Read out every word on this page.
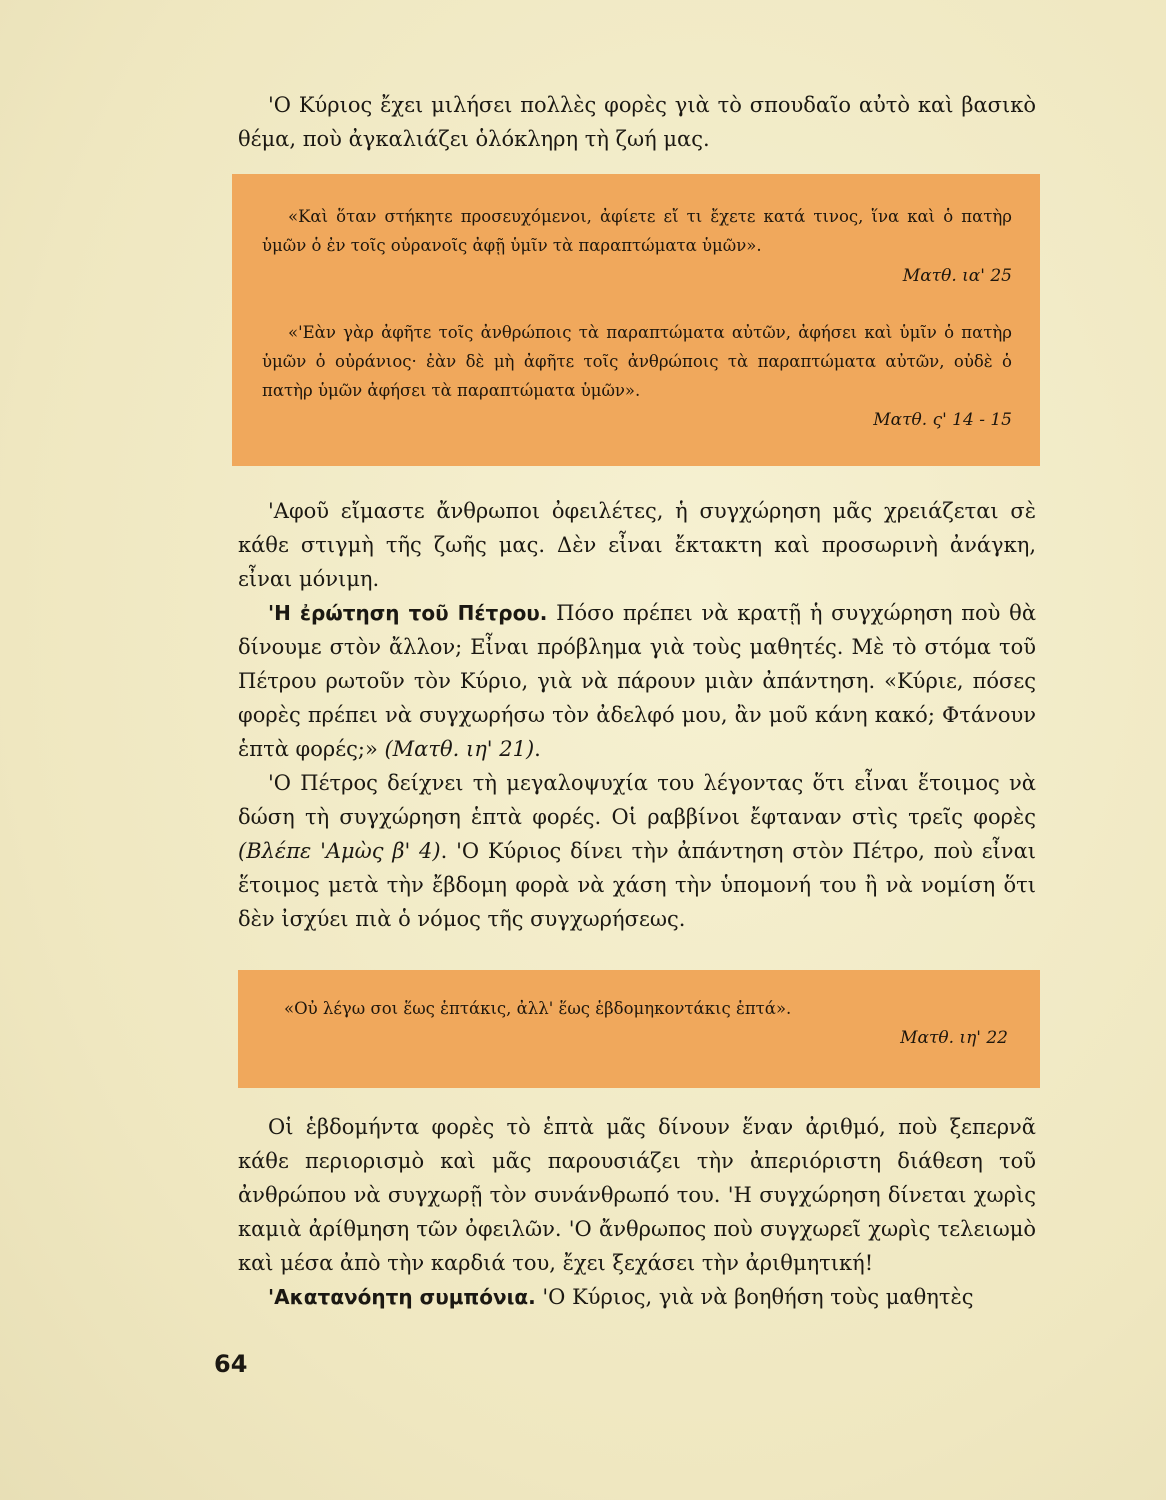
'Ο Κύριος ἔχει μιλήσει πολλὲς φορὲς γιὰ τὸ σπουδαῖο αὐτὸ καὶ βασικὸ θέμα, ποὺ ἀγκαλιάζει ὁλόκληρη τὴ ζωή μας.

«Καὶ ὅταν στήκητε προσευχόμενοι, ἀφίετε εἴ τι ἔχετε κατά τινος, ἵνα καὶ ὁ πατὴρ ὑμῶν ὁ ἐν τοῖς οὐρανοῖς ἀφῇ ὑμῖν τὰ παραπτώματα ὑμῶν».

Ματθ. ια' 25

«'Εὰν γὰρ ἀφῆτε τοῖς ἀνθρώποις τὰ παραπτώματα αὐτῶν, ἀφήσει καὶ ὑμῖν ὁ πατὴρ ὑμῶν ὁ οὐράνιος· ἐὰν δὲ μὴ ἀφῆτε τοῖς ἀνθρώποις τὰ παραπτώματα αὐτῶν, οὐδὲ ὁ πατὴρ ὑμῶν ἀφήσει τὰ παραπτώματα ὑμῶν».

Ματθ. ς' 14 - 15

'Αφοῦ εἴμαστε ἄνθρωποι ὀφειλέτες, ἡ συγχώρηση μᾶς χρειάζεται σὲ κάθε στιγμὴ τῆς ζωῆς μας. Δὲν εἶναι ἔκτακτη καὶ προσωρινὴ ἀνάγκη, εἶναι μόνιμη.

'Η ἐρώτηση τοῦ Πέτρου. Πόσο πρέπει νὰ κρατῇ ἡ συγχώρηση ποὺ θὰ δίνουμε στὸν ἄλλον; Εἶναι πρόβλημα γιὰ τοὺς μαθητές. Μὲ τὸ στόμα τοῦ Πέτρου ρωτοῦν τὸν Κύριο, γιὰ νὰ πάρουν μιὰν ἀπάντηση. «Κύριε, πόσες φορὲς πρέπει νὰ συγχωρήσω τὸν ἀδελφό μου, ἂν μοῦ κάνη κακό; Φτάνουν ἑπτὰ φορές;» (Ματθ. ιη' 21).

'Ο Πέτρος δείχνει τὴ μεγαλοψυχία του λέγοντας ὅτι εἶναι ἕτοιμος νὰ δώση τὴ συγχώρηση ἑπτὰ φορές. Οἱ ραββίνοι ἔφταναν στὶς τρεῖς φορὲς (Βλέπε 'Αμὼς β' 4). 'Ο Κύριος δίνει τὴν ἀπάντηση στὸν Πέτρο, ποὺ εἶναι ἕτοιμος μετὰ τὴν ἔβδομη φορὰ νὰ χάση τὴν ὑπομονή του ἢ νὰ νομίση ὅτι δὲν ἰσχύει πιὰ ὁ νόμος τῆς συγχωρήσεως.

«Οὐ λέγω σοι ἕως ἑπτάκις, ἀλλ' ἕως ἑβδομηκοντάκις ἑπτά».

Ματθ. ιη' 22

Οἱ ἑβδομήντα φορὲς τὸ ἑπτὰ μᾶς δίνουν ἕναν ἀριθμό, ποὺ ξεπερνᾶ κάθε περιορισμὸ καὶ μᾶς παρουσιάζει τὴν ἀπεριόριστη διάθεση τοῦ ἀνθρώπου νὰ συγχωρῇ τὸν συνάνθρωπό του. 'Η συγχώρηση δίνεται χωρὶς καμιὰ ἀρίθμηση τῶν ὀφειλῶν. 'Ο ἄνθρωπος ποὺ συγχωρεῖ χωρὶς τελειωμὸ καὶ μέσα ἀπὸ τὴν καρδιά του, ἔχει ξεχάσει τὴν ἀριθμητική!

'Ακατανόητη συμπόνια. 'Ο Κύριος, γιὰ νὰ βοηθήση τοὺς μαθητὲς

64
